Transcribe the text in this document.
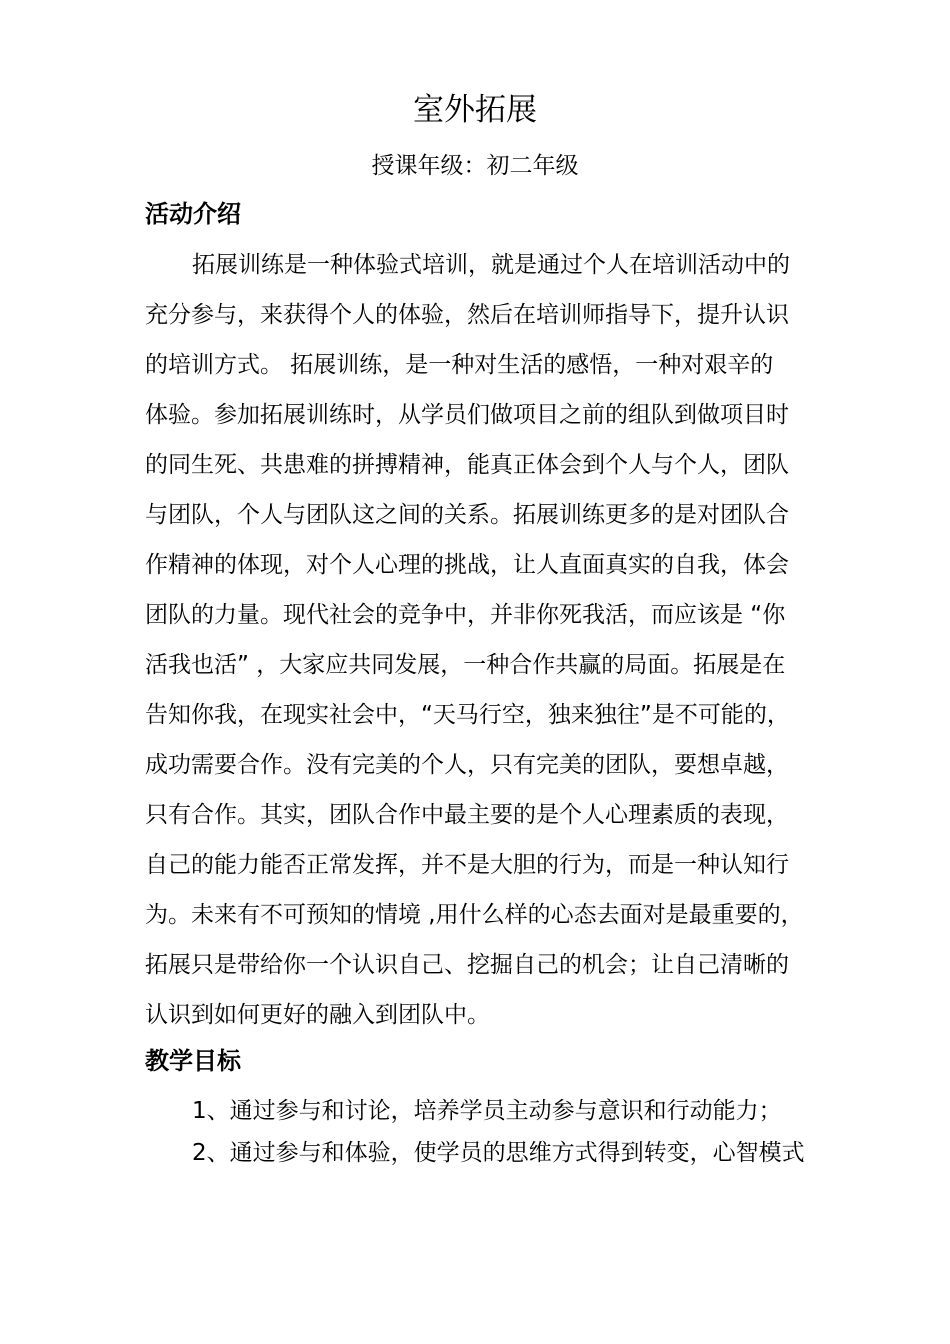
室外拓展
授课年级：初二年级
活动介绍
拓展训练是一种体验式培训，就是通过个人在培训活动中的
充分参与，来获得个人的体验，然后在培训师指导下，提升认识
的培训方式。 拓展训练，是一种对生活的感悟，一种对艰辛的
体验。参加拓展训练时，从学员们做项目之前的组队到做项目时
的同生死、共患难的拼搏精神，能真正体会到个人与个人，团队
与团队，个人与团队这之间的关系。拓展训练更多的是对团队合
作精神的体现，对个人心理的挑战，让人直面真实的自我，体会
团队的力量。现代社会的竞争中，并非你死我活，而应该是 “你
活我也活” ，大家应共同发展，一种合作共赢的局面。拓展是在
告知你我，在现实社会中，“天马行空，独来独往”是不可能的，
成功需要合作。没有完美的个人，只有完美的团队，要想卓越，
只有合作。其实，团队合作中最主要的是个人心理素质的表现，
自己的能力能否正常发挥，并不是大胆的行为，而是一种认知行
为。未来有不可预知的情境 ,用什么样的心态去面对是最重要的，
拓展只是带给你一个认识自己、挖掘自己的机会；让自己清晰的
认识到如何更好的融入到团队中。
教学目标
1、通过参与和讨论，培养学员主动参与意识和行动能力；
2、通过参与和体验，使学员的思维方式得到转变，心智模式
